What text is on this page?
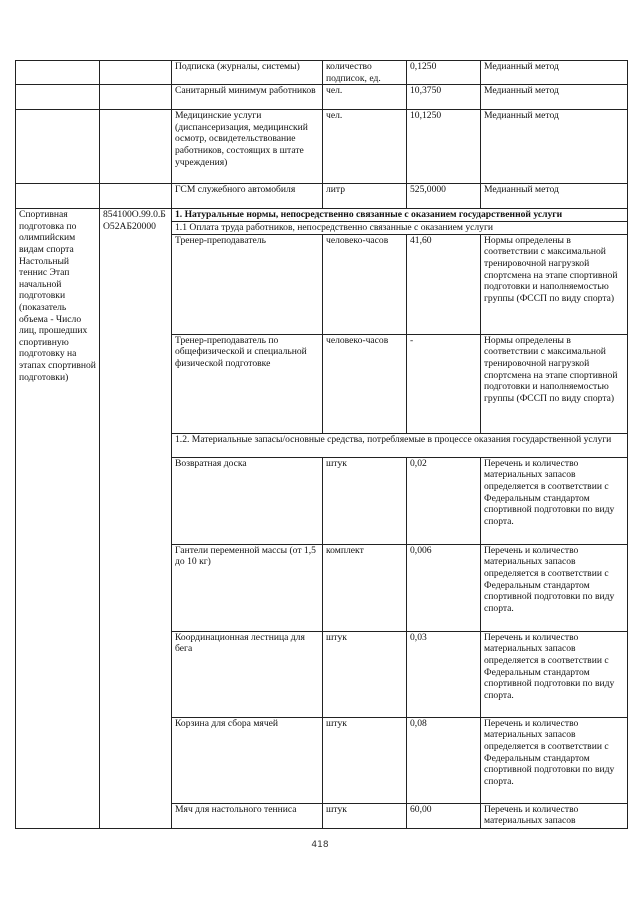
		Подписка (журналы, системы)	количество подписок, ед.	0,1250	Медианный метод
		Санитарный минимум работников	чел.	10,3750	Медианный метод
		Медицинские услуги (диспансеризация, медицинский осмотр, освидетельствование работников, состоящих в штате учреждения)	чел.	10,1250	Медианный метод
		ГСМ служебного автомобиля	литр	525,0000	Медианный метод
Спортивная подготовка по олимпийским видам спорта Настольный теннис Этап начальной подготовки (показатель объема - Число лиц, прошедших спортивную подготовку на этапах спортивной подготовки)	854100О.99.0.БО52АБ20000	1. Натуральные нормы, непосредственно связанные с оказанием государственной услуги			
		1.1 Оплата труда работников, непосредственно связанные с оказанием услуги			
		Тренер-преподаватель	человеко-часов	41,60	Нормы определены в соответствии с максимальной тренировочной нагрузкой спортсмена на этапе спортивной подготовки и наполняемостью группы (ФССП по виду спорта)
		Тренер-преподаватель по общефизической и специальной физической подготовке	человеко-часов	-	Нормы определены в соответствии с максимальной тренировочной нагрузкой спортсмена на этапе спортивной подготовки и наполняемостью группы (ФССП по виду спорта)
		1.2. Материальные запасы/основные средства, потребляемые в процессе оказания государственной услуги			
		Возвратная доска	штук	0,02	Перечень и количество материальных запасов определяется в соответствии с Федеральным стандартом спортивной подготовки по виду спорта.
		Гантели переменной массы (от 1,5 до 10 кг)	комплект	0,006	Перечень и количество материальных запасов определяется в соответствии с Федеральным стандартом спортивной подготовки по виду спорта.
		Координационная лестница для бега	штук	0,03	Перечень и количество материальных запасов определяется в соответствии с Федеральным стандартом спортивной подготовки по виду спорта.
		Корзина для сбора мячей	штук	0,08	Перечень и количество материальных запасов определяется в соответствии с Федеральным стандартом спортивной подготовки по виду спорта.
		Мяч для настольного тенниса	штук	60,00	Перечень и количество материальных запасов
418
